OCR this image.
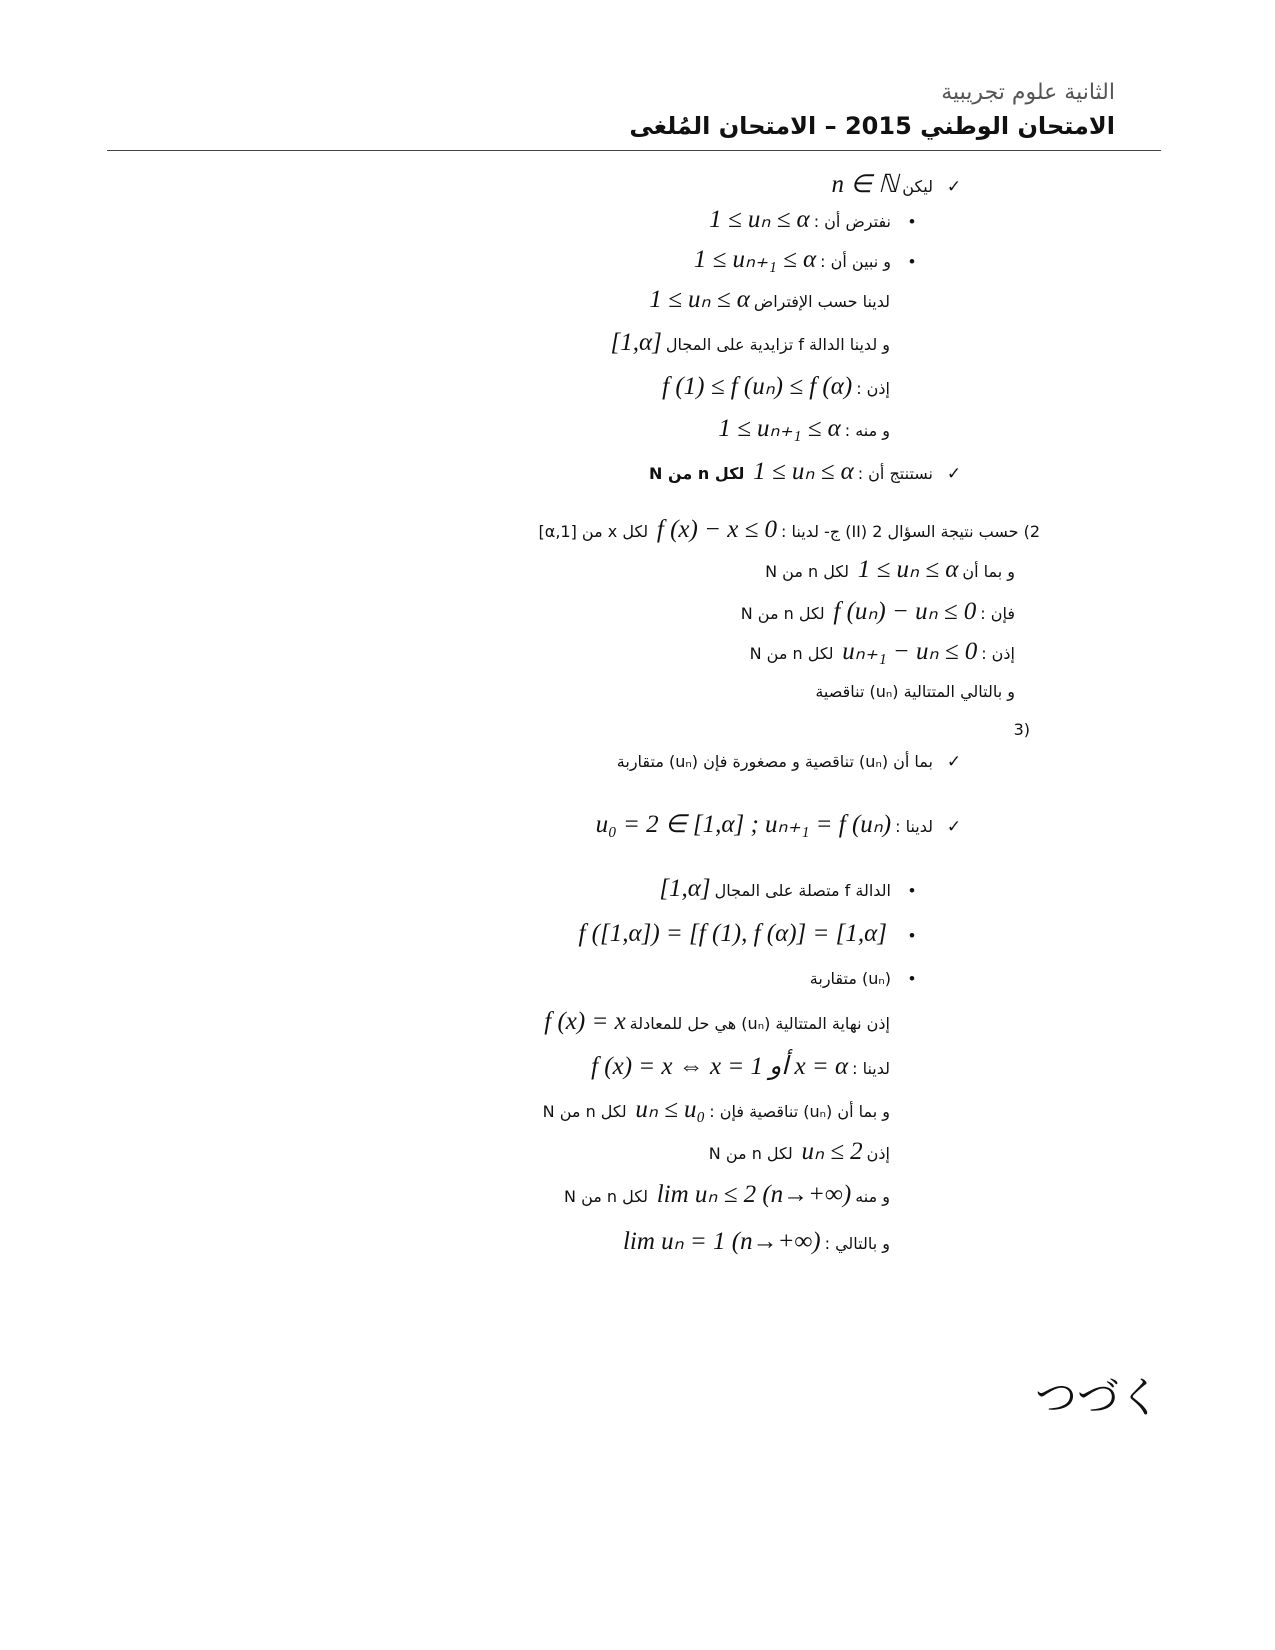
الثانية علوم تجريبية
الامتحان الوطني 2015 – الامتحان المُلغى
✓ليكنn ∈ ℕ
•نفترض أن :1 ≤ uₙ ≤ α
•و نبين أن :1 ≤ uₙ₊₁ ≤ α
لدينا حسب الإفتراض1 ≤ uₙ ≤ α
و لدينا الدالة f تزايدية على المجال[1,α]
إذن :f (1) ≤ f (uₙ) ≤ f (α)
و منه :1 ≤ uₙ₊₁ ≤ α
✓نستنتج أن :1 ≤ uₙ ≤ α لكل n من N
2) حسب نتيجة السؤال II) 2) ج- لدينا :f (x) − x ≤ 0 لكل x من [1,α]
و بما أن1 ≤ uₙ ≤ α لكل n من N
فإن :f (uₙ) − uₙ ≤ 0 لكل n من N
إذن :uₙ₊₁ − uₙ ≤ 0 لكل n من N
و بالتالي المتتالية (uₙ) تناقصية
(3
✓بما أن (uₙ) تناقصية و مصغورة فإن (uₙ) متقاربة
✓لدينا :u₀ = 2 ∈ [1,α] ; uₙ₊₁ = f (uₙ)
•الدالة f متصلة على المجال[1,α]
•f ([1,α]) = [f (1), f (α)] = [1,α]
•(uₙ) متقاربة
إذن نهاية المتتالية (uₙ) هي حل للمعادلةf (x) = x
لدينا :f (x) = x ⇔ x = 1 أو x = α
و بما أن (uₙ) تناقصية فإن :uₙ ≤ u₀ لكل n من N
إذنuₙ ≤ 2 لكل n من N
و منهlim uₙ ≤ 2 (n→+∞) لكل n من N
و بالتالي :lim uₙ = 1 (n→+∞)
つづく
